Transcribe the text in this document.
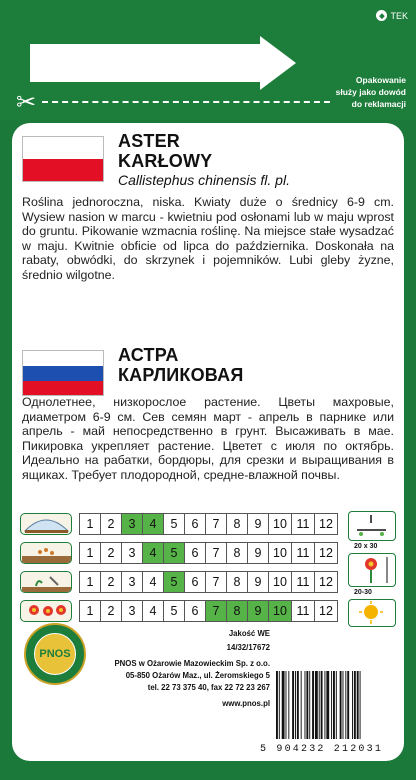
◆ TEK
Opakowanie
służy jako dowód
do reklamacji
✂
ASTER
KARŁOWY
Callistephus chinensis fl. pl.
Roślina jednoroczna, niska. Kwiaty duże o średnicy 6-9 cm. Wysiew nasion w marcu - kwietniu pod osłonami lub w maju wprost do gruntu. Pikowanie wzmacnia roślinę. Na miejsce stałe wysadzać w maju. Kwitnie obficie od lipca do października. Doskonała na rabaty, obwódki, do skrzynek i pojemników. Lubi gleby żyzne, średnio wilgotne.
АСТРА
КАРЛИКОВАЯ
Однолетнее, низкорослое растение. Цветы махровые, диаметром 6-9 см. Сев семян март - апрель в парнике или апрель - май непосредственно в грунт. Высаживать в мае. Пикировка укрепляет растение. Цветет с июля по октябрь. Идеально на рабатки, бордюры, для срезки и выращивания в ящиках. Требует плодородной, средне-влажной почвы.
1	2	3	4	5	6	7	8	9 10 11 12
1	2	3	4	5	6	7	8	9 10 11 12
1	2	3	4	5	6	7	8	9 10 11 12
1	2	3	4	5	6	7	8	9 10 11 12
20 x 30
20-30
PNOS
Jakość WE
14/32/17672
PNOS w Ożarowie Mazowieckim Sp. z o.o.
05-850 Ożarów Maz., ul. Żeromskiego 5
tel. 22 73 375 40, fax 22 72 23 267
www.pnos.pl
5 904232 212031
